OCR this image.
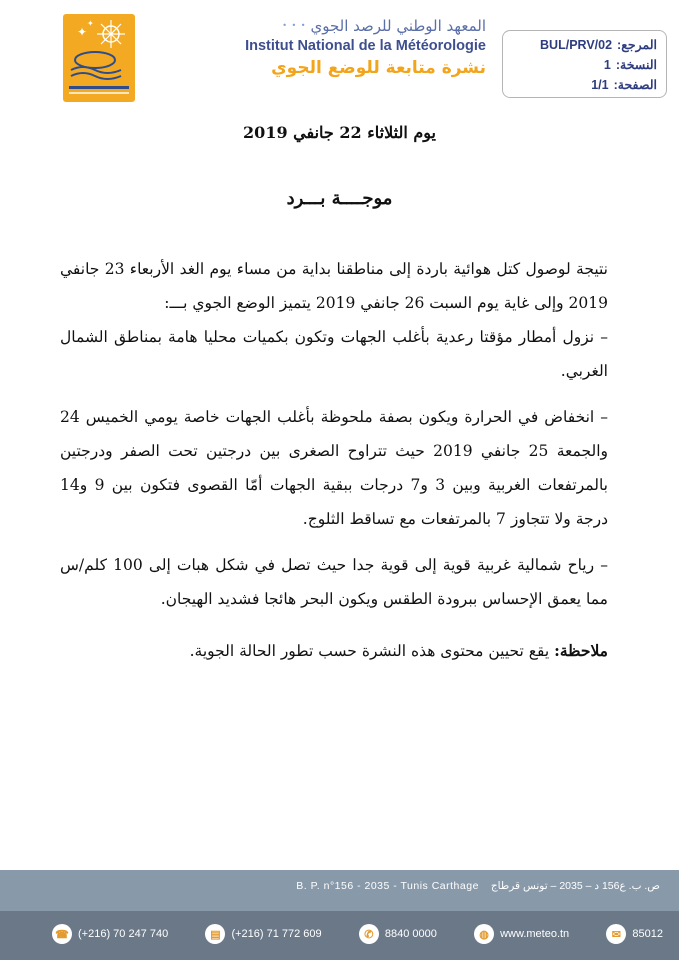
✦
✦	المعهد الوطني للرصد الجوي
• • •
Institut National de la Météorologie
نشرة متابعة للوضع الجوي
المرجع:
BUL/PRV/02
النسخة:
1
الصفحة:
1/1
يوم الثلاثاء 22 جانفي 2019
موجــــة بـــرد

نتيجة لوصول كتل هوائية باردة إلى مناطقنا بداية من مساء يوم الغد الأربعاء 23 جانفي 2019 وإلى غاية يوم السبت 26 جانفي 2019 يتميز الوضع الجوي بـــ:

– نزول أمطار مؤقتا رعدية بأغلب الجهات وتكون بكميات محليا هامة بمناطق الشمال الغربي.

– انخفاض في الحرارة ويكون بصفة ملحوظة بأغلب الجهات خاصة يومي الخميس 24 والجمعة 25 جانفي 2019 حيث تتراوح الصغرى بين درجتين تحت الصفر ودرجتين بالمرتفعات الغربية وبين 3 و7 درجات ببقية الجهات أمّا القصوى فتكون بين 9 و14 درجة ولا تتجاوز 7 بالمرتفعات مع تساقط الثلوج.

– رياح شمالية غربية قوية إلى قوية جدا حيث تصل في شكل هبات إلى 100 كلم/س مما يعمق الإحساس ببرودة الطقس ويكون البحر هائجا فشديد الهيجان.

ملاحظة: يقع تحيين محتوى هذه النشرة حسب تطور الحالة الجوية.

ص. ب. ع156 د – 2035 – تونس قرطاج
B. P. n°156 - 2035 - Tunis Carthage
☎ (+216) 70 247 740	▤ (+216) 71 772 609	✆	8840 0000	◍	www.meteo.tn	✉	85012
